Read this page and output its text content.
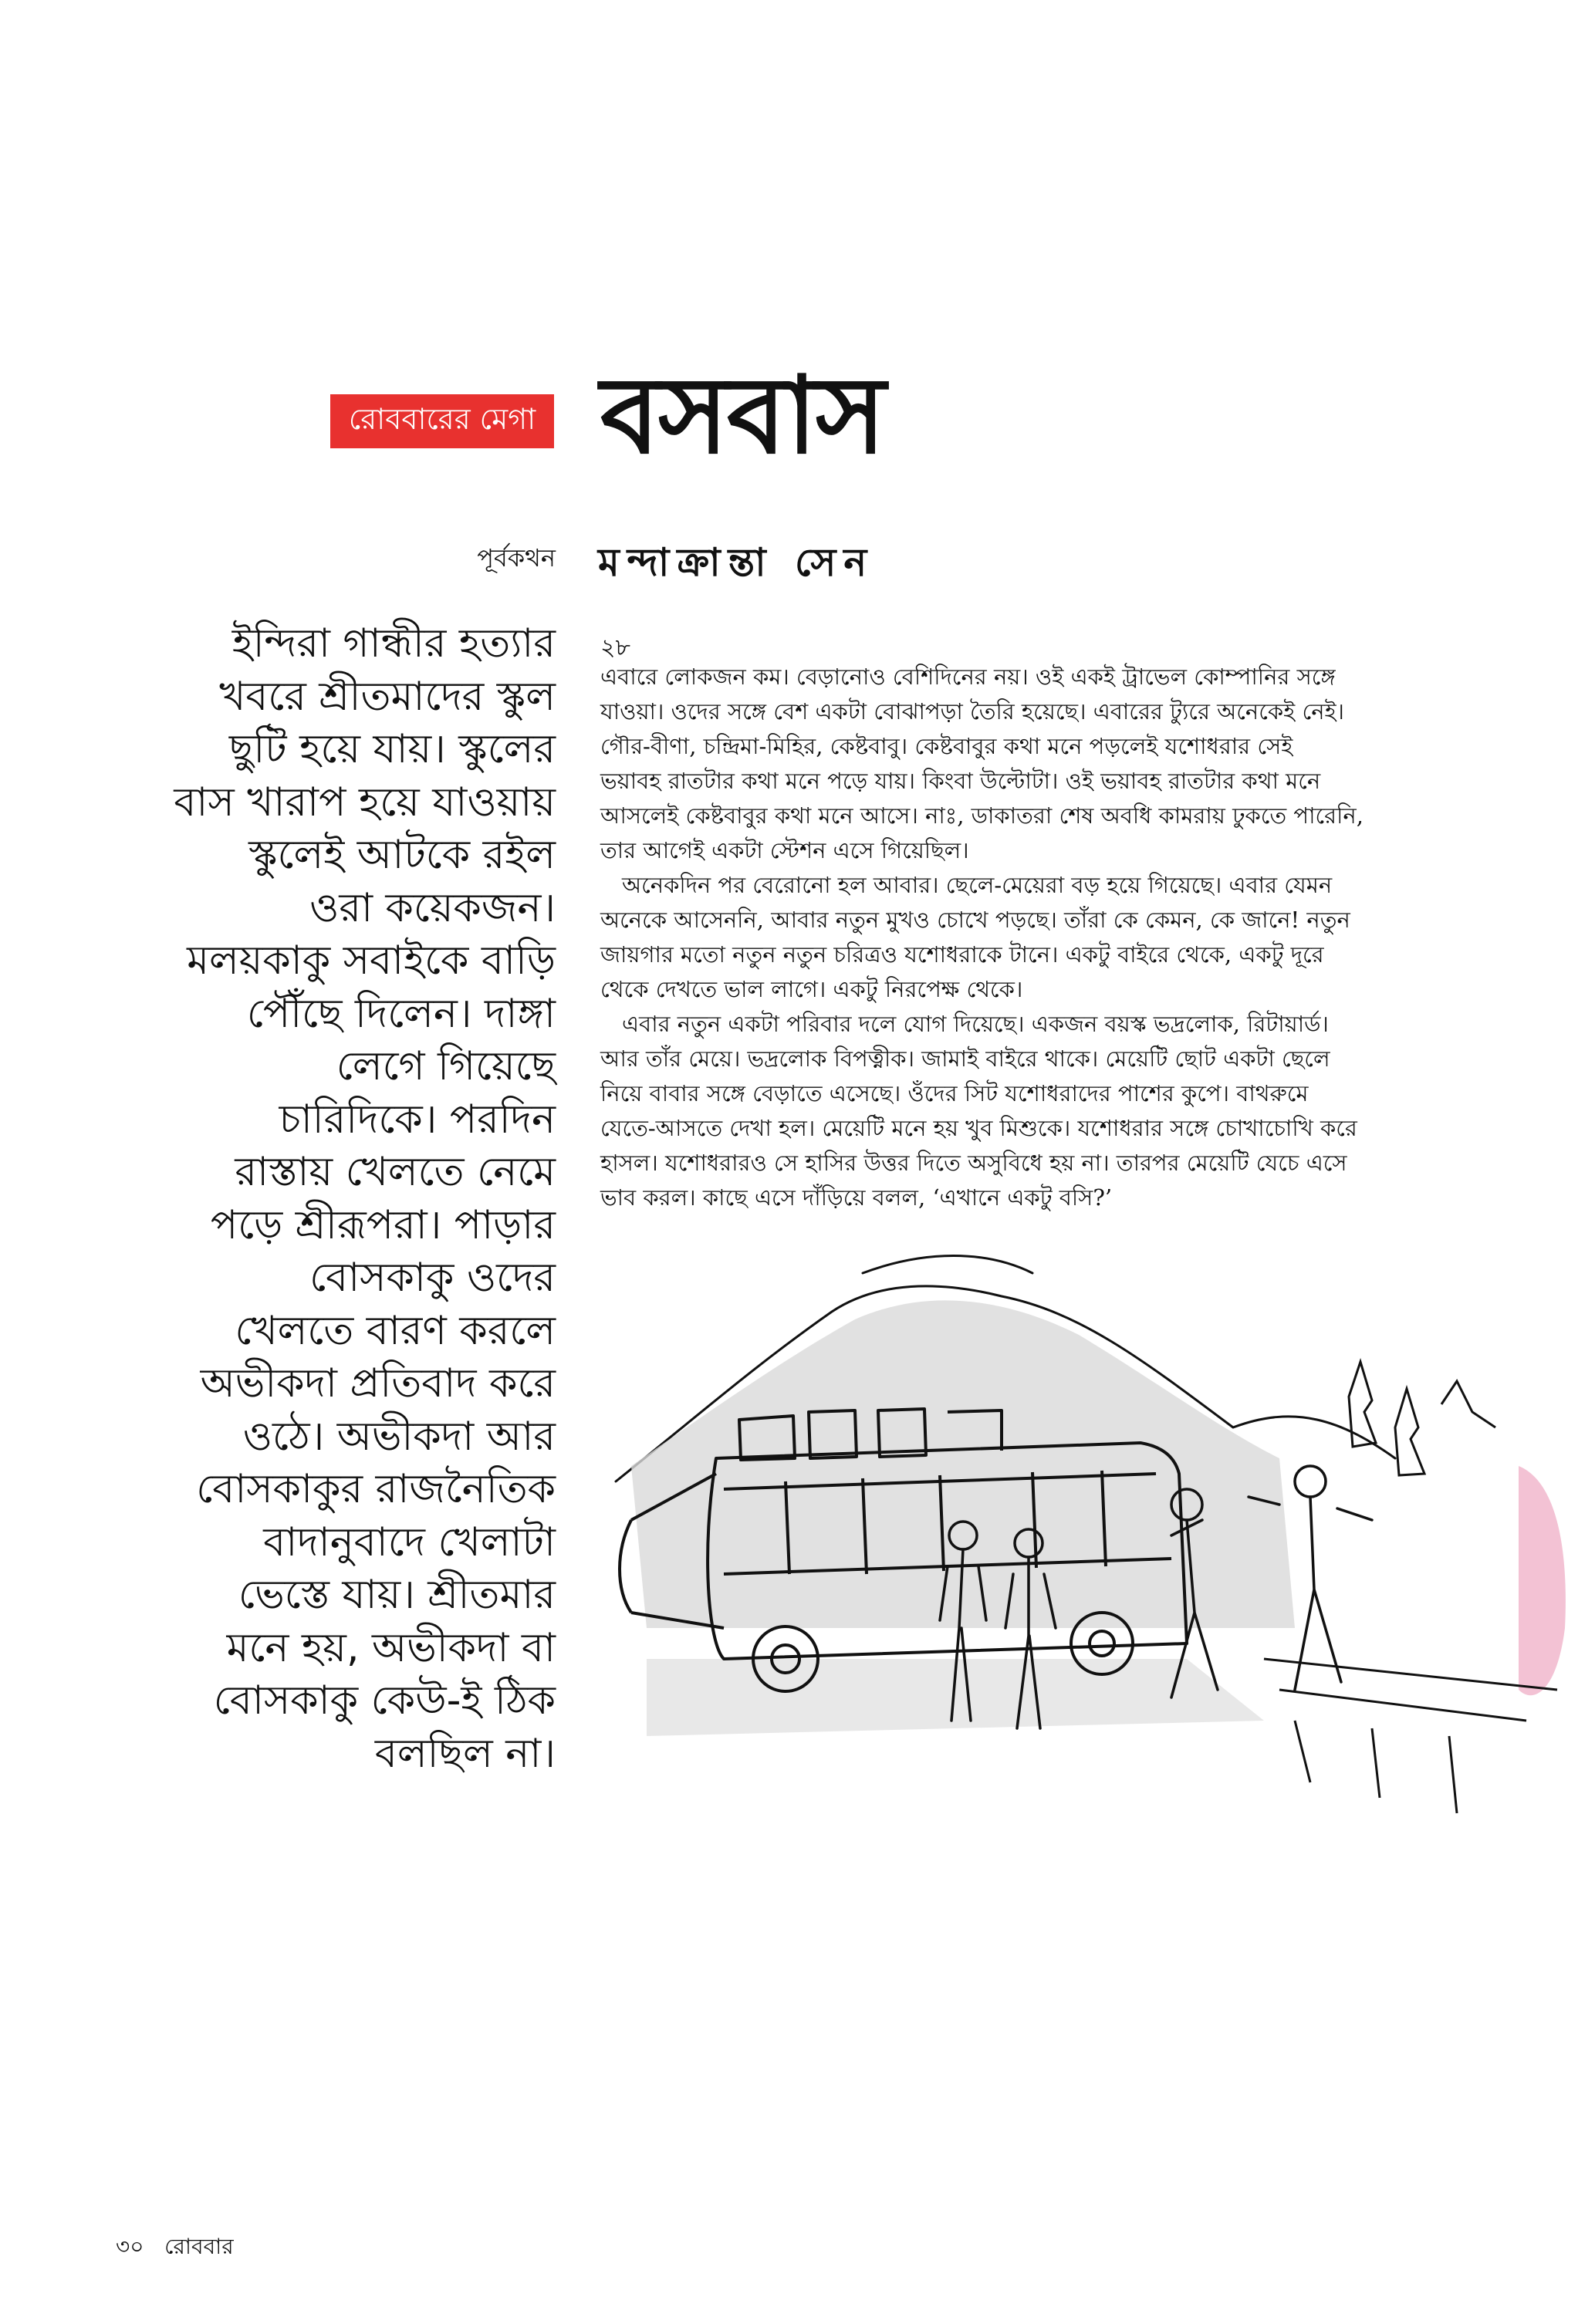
রোববারের মেগা বসবাস
পূর্বকথন মন্দাক্রান্তা সেন
ইন্দিরা গান্ধীর হত্যার
খবরে শ্রীতমাদের স্কুল
ছুটি হয়ে যায়। স্কুলের
বাস খারাপ হয়ে যাওয়ায়
স্কুলেই আটকে রইল
ওরা কয়েকজন।
মলয়কাকু সবাইকে বাড়ি
পৌঁছে দিলেন। দাঙ্গা
লেগে গিয়েছে
চারিদিকে। পরদিন
রাস্তায় খেলতে নেমে
পড়ে শ্রীরূপরা। পাড়ার
বোসকাকু ওদের
খেলতে বারণ করলে
অভীকদা প্রতিবাদ করে
ওঠে। অভীকদা আর
বোসকাকুর রাজনৈতিক
বাদানুবাদে খেলাটা
ভেস্তে যায়। শ্রীতমার
মনে হয়, অভীকদা বা
বোসকাকু কেউ-ই ঠিক
বলছিল না।
২৮
এবারে লোকজন কম। বেড়ানোও বেশিদিনের নয়। ওই একই ট্রাভেল কোম্পানির সঙ্গে
যাওয়া। ওদের সঙ্গে বেশ একটা বোঝাপড়া তৈরি হয়েছে। এবারের ট্যুরে অনেকেই নেই।
গৌর-বীণা, চন্দ্রিমা-মিহির, কেষ্টবাবু। কেষ্টবাবুর কথা মনে পড়লেই যশোধরার সেই
ভয়াবহ রাতটার কথা মনে পড়ে যায়। কিংবা উল্টোটা। ওই ভয়াবহ রাতটার কথা মনে
আসলেই কেষ্টবাবুর কথা মনে আসে। নাঃ, ডাকাতরা শেষ অবধি কামরায় ঢুকতে পারেনি,
তার আগেই একটা স্টেশন এসে গিয়েছিল।
অনেকদিন পর বেরোনো হল আবার। ছেলে-মেয়েরা বড় হয়ে গিয়েছে। এবার যেমন
অনেকে আসেননি, আবার নতুন মুখও চোখে পড়ছে। তাঁরা কে কেমন, কে জানে! নতুন
জায়গার মতো নতুন নতুন চরিত্রও যশোধরাকে টানে। একটু বাইরে থেকে, একটু দূরে
থেকে দেখতে ভাল লাগে। একটু নিরপেক্ষ থেকে।
এবার নতুন একটা পরিবার দলে যোগ দিয়েছে। একজন বয়স্ক ভদ্রলোক, রিটায়ার্ড।
আর তাঁর মেয়ে। ভদ্রলোক বিপত্নীক। জামাই বাইরে থাকে। মেয়েটি ছোট একটা ছেলে
নিয়ে বাবার সঙ্গে বেড়াতে এসেছে। ওঁদের সিট যশোধরাদের পাশের কুপে। বাথরুমে
যেতে-আসতে দেখা হল। মেয়েটি মনে হয় খুব মিশুকে। যশোধরার সঙ্গে চোখাচোখি করে
হাসল। যশোধরারও সে হাসির উত্তর দিতে অসুবিধে হয় না। তারপর মেয়েটি যেচে এসে
ভাব করল। কাছে এসে দাঁড়িয়ে বলল, ‘এখানে একটু বসি?’
৩০ রোববার
